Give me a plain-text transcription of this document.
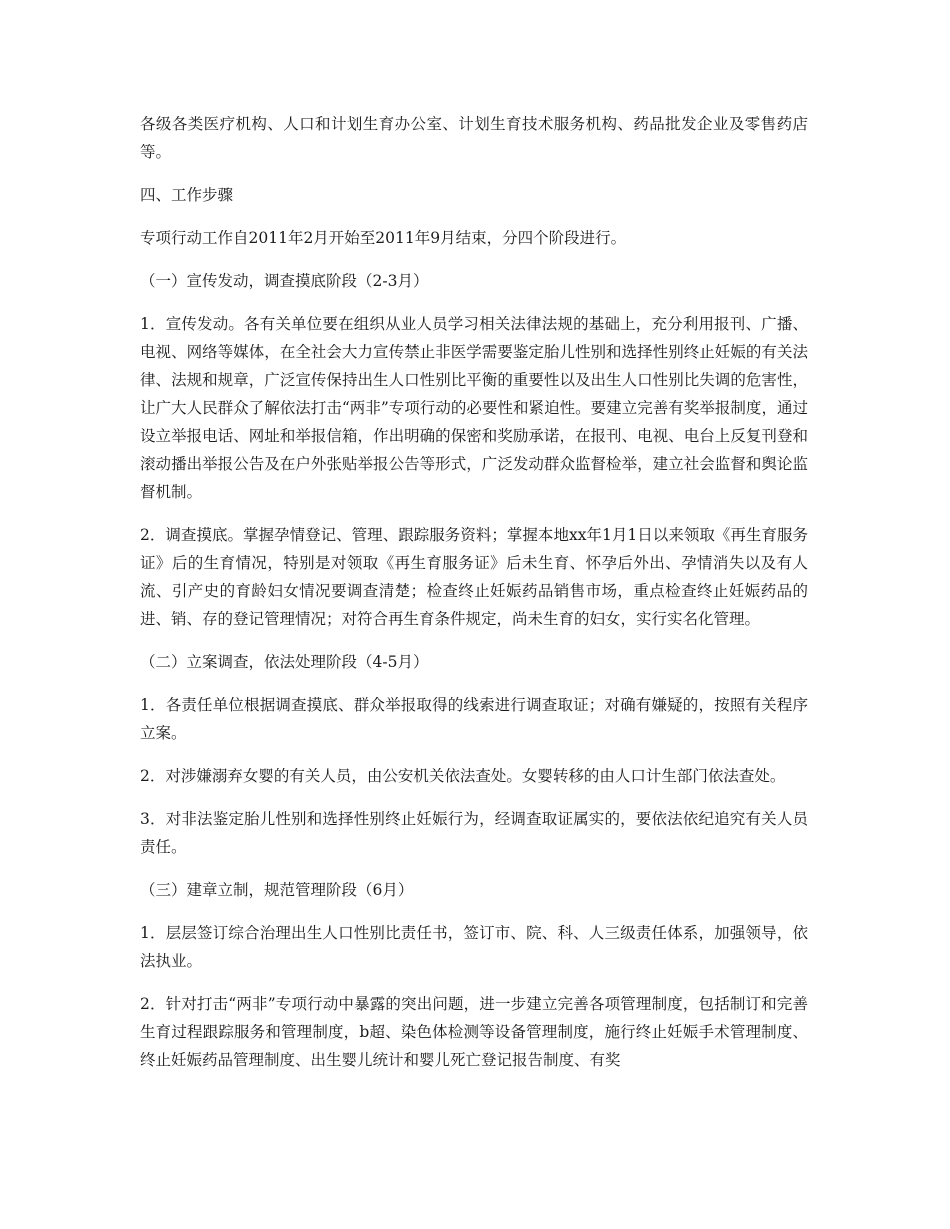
各级各类医疗机构、人口和计划生育办公室、计划生育技术服务机构、药品批发企业及零售药店等。

四、工作步骤

专项行动工作自2011年2月开始至2011年9月结束，分四个阶段进行。

（一）宣传发动，调查摸底阶段（2-3月）

1．宣传发动。各有关单位要在组织从业人员学习相关法律法规的基础上，充分利用报刊、广播、电视、网络等媒体，在全社会大力宣传禁止非医学需要鉴定胎儿性别和选择性别终止妊娠的有关法律、法规和规章，广泛宣传保持出生人口性别比平衡的重要性以及出生人口性别比失调的危害性，让广大人民群众了解依法打击“两非”专项行动的必要性和紧迫性。要建立完善有奖举报制度，通过设立举报电话、网址和举报信箱，作出明确的保密和奖励承诺，在报刊、电视、电台上反复刊登和滚动播出举报公告及在户外张贴举报公告等形式，广泛发动群众监督检举，建立社会监督和舆论监督机制。

2．调查摸底。掌握孕情登记、管理、跟踪服务资料；掌握本地xx年1月1日以来领取《再生育服务证》后的生育情况，特别是对领取《再生育服务证》后未生育、怀孕后外出、孕情消失以及有人流、引产史的育龄妇女情况要调查清楚；检查终止妊娠药品销售市场，重点检查终止妊娠药品的进、销、存的登记管理情况；对符合再生育条件规定，尚未生育的妇女，实行实名化管理。

（二）立案调查，依法处理阶段（4-5月）

1．各责任单位根据调查摸底、群众举报取得的线索进行调查取证；对确有嫌疑的，按照有关程序立案。

2．对涉嫌溺弃女婴的有关人员，由公安机关依法查处。女婴转移的由人口计生部门依法查处。

3．对非法鉴定胎儿性别和选择性别终止妊娠行为，经调查取证属实的，要依法依纪追究有关人员责任。

（三）建章立制，规范管理阶段（6月）

1．层层签订综合治理出生人口性别比责任书，签订市、院、科、人三级责任体系，加强领导，依法执业。

2．针对打击“两非”专项行动中暴露的突出问题，进一步建立完善各项管理制度，包括制订和完善生育过程跟踪服务和管理制度，b超、染色体检测等设备管理制度，施行终止妊娠手术管理制度、终止妊娠药品管理制度、出生婴儿统计和婴儿死亡登记报告制度、有奖
